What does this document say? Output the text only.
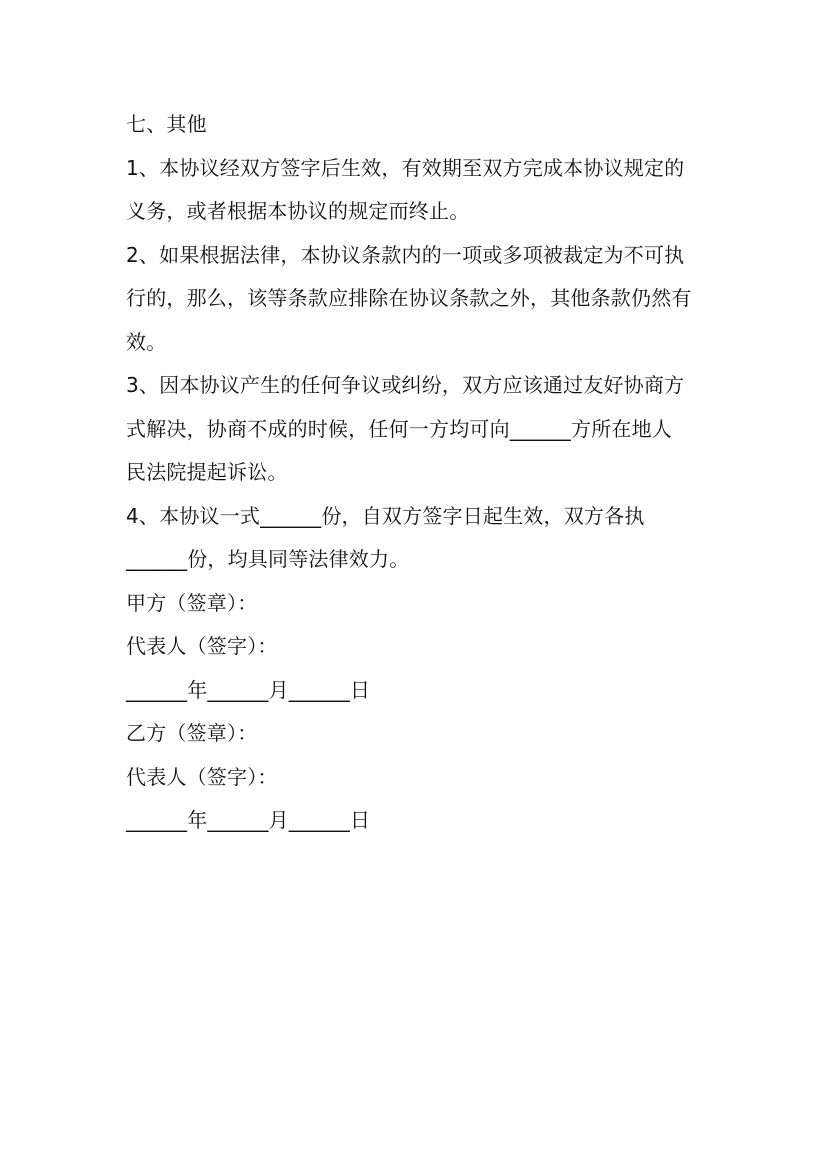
七、其他
1、本协议经双方签字后生效，有效期至双方完成本协议规定的
义务，或者根据本协议的规定而终止。
2、如果根据法律，本协议条款内的一项或多项被裁定为不可执
行的，那么，该等条款应排除在协议条款之外，其他条款仍然有
效。
3、因本协议产生的任何争议或纠纷，双方应该通过友好协商方
式解决，协商不成的时候，任何一方均可向______方所在地人
民法院提起诉讼。
4、本协议一式______份，自双方签字日起生效，双方各执
______份，均具同等法律效力。
甲方（签章）：
代表人（签字）：
______年______月______日
乙方（签章）：
代表人（签字）：
______年______月______日
